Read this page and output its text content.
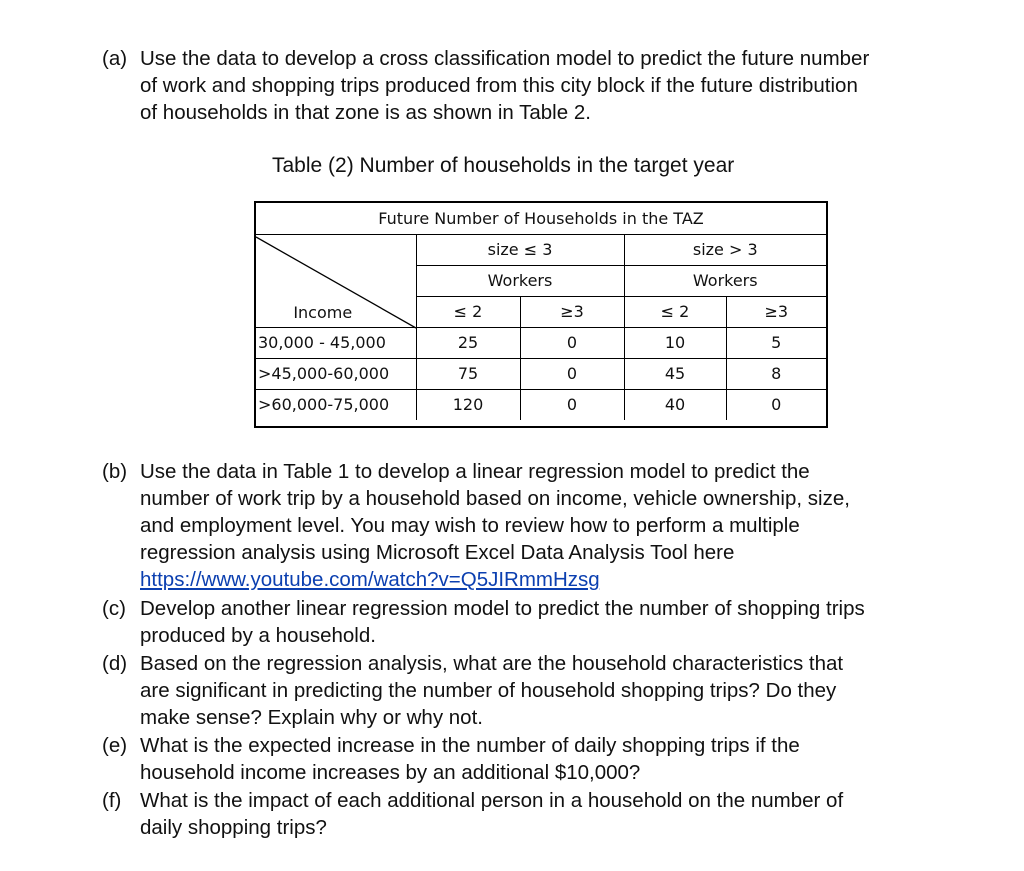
(a) Use the data to develop a cross classification model to predict the future number
of work and shopping trips produced from this city block if the future distribution
of households in that zone is as shown in Table 2.
Table (2) Number of households in the target year
Future Number of Households in the TAZ				

Income	size ≤ 3		size > 3	
	Workers		Workers	
	≤ 2	≥3	≤ 2	≥3
30,000 - 45,000	25	0	10	5
>45,000-60,000	75	0	45	8
>60,000-75,000	120	0	40	0
(b) Use the data in Table 1 to develop a linear regression model to predict the
number of work trip by a household based on income, vehicle ownership, size,
and employment level. You may wish to review how to perform a multiple
regression analysis using Microsoft Excel Data Analysis Tool here
https://www.youtube.com/watch?v=Q5JIRmmHzsg
(c) Develop another linear regression model to predict the number of shopping trips
produced by a household.
(d) Based on the regression analysis, what are the household characteristics that
are significant in predicting the number of household shopping trips? Do they
make sense? Explain why or why not.
(e) What is the expected increase in the number of daily shopping trips if the
household income increases by an additional $10,000?
(f) What is the impact of each additional person in a household on the number of
daily shopping trips?
